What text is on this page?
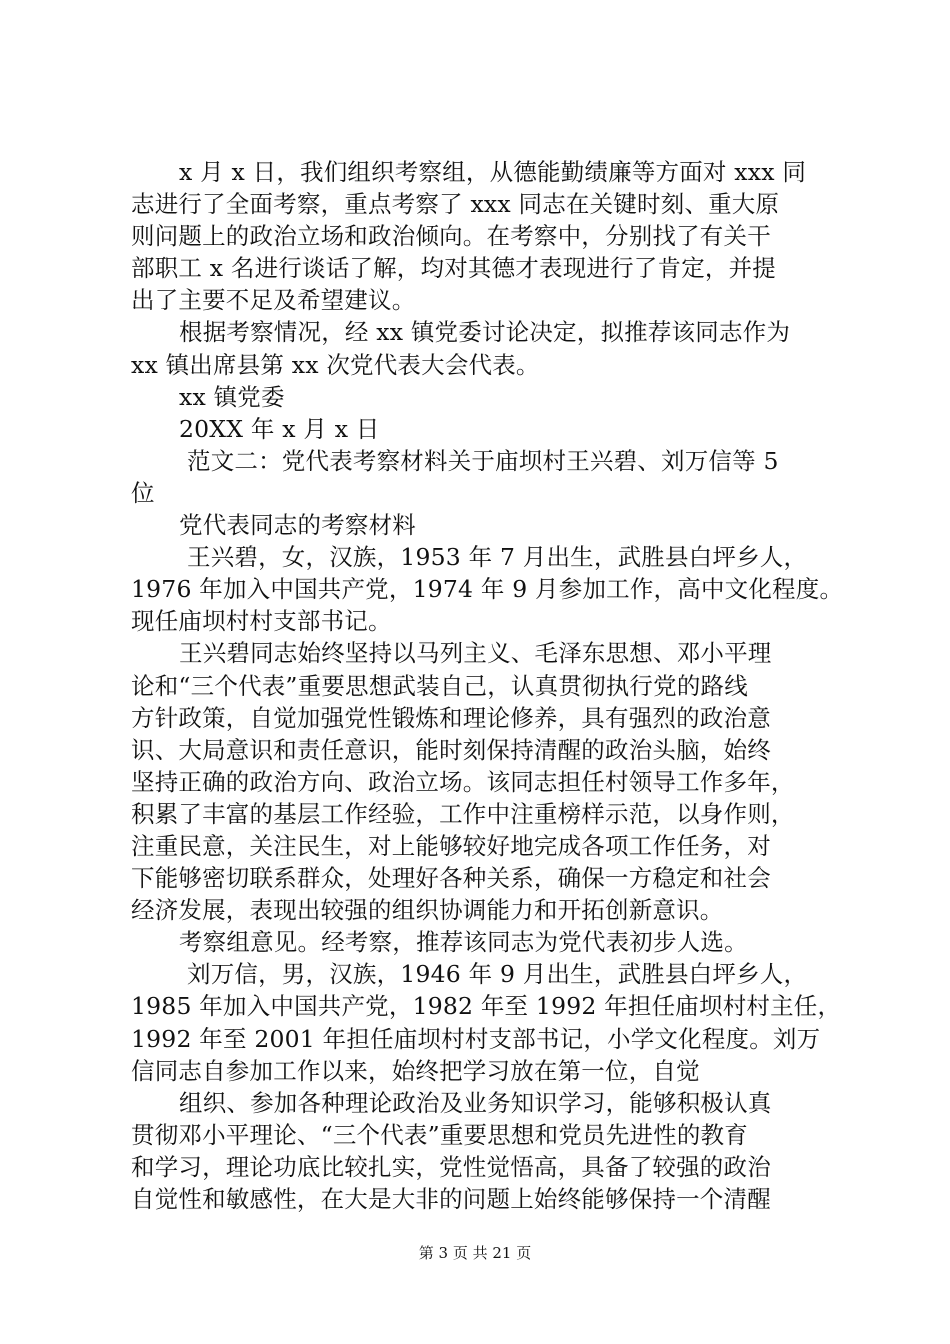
x 月 x 日，我们组织考察组，从德能勤绩廉等方面对 xxx 同
志进行了全面考察，重点考察了 xxx 同志在关键时刻、重大原
则问题上的政治立场和政治倾向。在考察中，分别找了有关干
部职工 x 名进行谈话了解，均对其德才表现进行了肯定，并提
出了主要不足及希望建议。
根据考察情况，经 xx 镇党委讨论决定，拟推荐该同志作为
xx 镇出席县第 xx 次党代表大会代表。
xx 镇党委
20XX 年 x 月 x 日
范文二：党代表考察材料关于庙坝村王兴碧、刘万信等 5
位
党代表同志的考察材料
王兴碧，女，汉族，1953 年 7 月出生，武胜县白坪乡人，
1976 年加入中国共产党，1974 年 9 月参加工作，高中文化程度。
现任庙坝村村支部书记。
王兴碧同志始终坚持以马列主义、毛泽东思想、邓小平理
论和“三个代表”重要思想武装自己，认真贯彻执行党的路线
方针政策，自觉加强党性锻炼和理论修养，具有强烈的政治意
识、大局意识和责任意识，能时刻保持清醒的政治头脑，始终
坚持正确的政治方向、政治立场。该同志担任村领导工作多年，
积累了丰富的基层工作经验，工作中注重榜样示范，以身作则，
注重民意，关注民生，对上能够较好地完成各项工作任务，对
下能够密切联系群众，处理好各种关系，确保一方稳定和社会
经济发展，表现出较强的组织协调能力和开拓创新意识。
考察组意见。经考察，推荐该同志为党代表初步人选。
刘万信，男，汉族，1946 年 9 月出生，武胜县白坪乡人，
1985 年加入中国共产党，1982 年至 1992 年担任庙坝村村主任，
1992 年至 2001 年担任庙坝村村支部书记，小学文化程度。刘万
信同志自参加工作以来，始终把学习放在第一位，自觉
组织、参加各种理论政治及业务知识学习，能够积极认真
贯彻邓小平理论、“三个代表”重要思想和党员先进性的教育
和学习，理论功底比较扎实，党性觉悟高，具备了较强的政治
自觉性和敏感性，在大是大非的问题上始终能够保持一个清醒
第 3 页 共 21 页
